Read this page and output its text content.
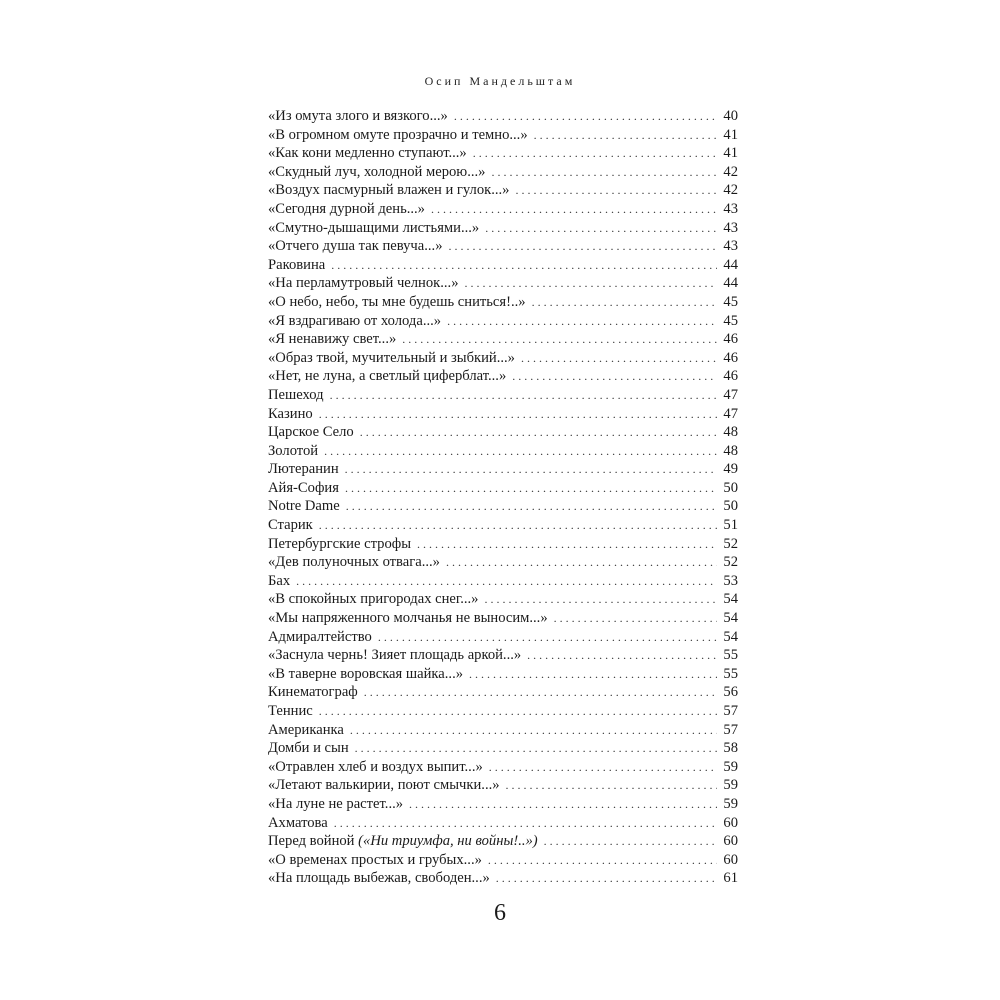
Осип Мандельштам
«Из омута злого и вязкого...» . . .	40
«В огромном омуте прозрачно и темно...» . . .	41
«Как кони медленно ступают...» . . .	41
«Скудный луч, холодной мерою...» . . .	42
«Воздух пасмурный влажен и гулок...» . . .	42
«Сегодня дурной день...» . . .	43
«Смутно-дышащими листьями...» . . .	43
«Отчего душа так певуча...» . . .	43
Раковина . . .	44
«На перламутровый челнок...» . . .	44
«О небо, небо, ты мне будешь сниться!..» . . .	45
«Я вздрагиваю от холода...» . . .	45
«Я ненавижу свет...» . . .	46
«Образ твой, мучительный и зыбкий...» . . .	46
«Нет, не луна, а светлый циферблат...» . . .	46
Пешеход . . .	47
Казино . . .	47
Царское Село . . .	48
Золотой . . .	48
Лютеранин . . .	49
Айя-София . . .	50
Notre Dame . . .	50
Старик . . .	51
Петербургские строфы . . .	52
«Дев полуночных отвага...» . . .	52
Бах . . .	53
«В спокойных пригородах снег...» . . .	54
«Мы напряженного молчанья не выносим...» . . .	54
Адмиралтейство . . .	54
«Заснула чернь! Зияет площадь аркой...» . . .	55
«В таверне воровская шайка...» . . .	55
Кинематограф . . .	56
Теннис . . .	57
Американка . . .	57
Домби и сын . . .	58
«Отравлен хлеб и воздух выпит...» . . .	59
«Летают валькирии, поют смычки...» . . .	59
«На луне не растет...» . . .	59
Ахматова . . .	60
Перед войной («Ни триумфа, ни войны!..») . . .	60
«О временах простых и грубых...» . . .	60
«На площадь выбежав, свободен...» . . .	61
6
